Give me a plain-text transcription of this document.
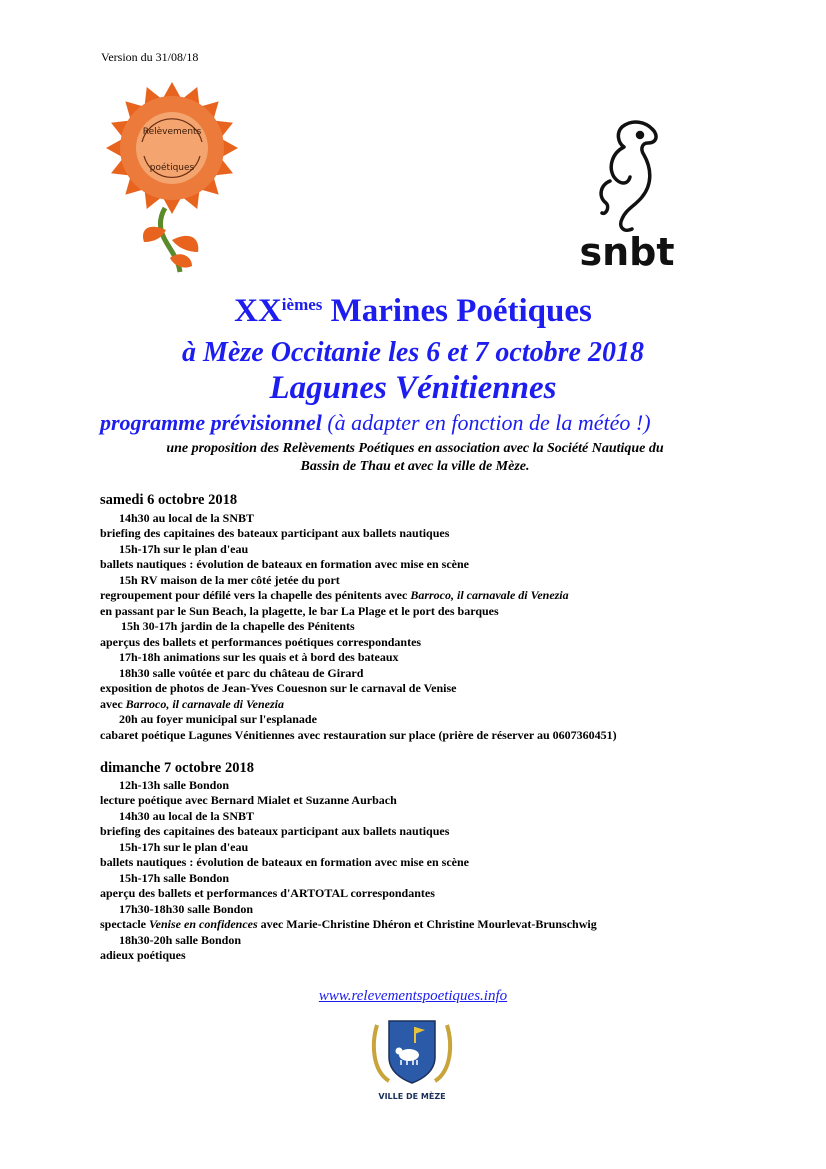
Version du 31/08/18
Relèvements
poétiques
snbt
$XX^{ièmes}$ Marines Poétiques
à Mèze Occitanie les 6 et 7 octobre 2018
Lagunes Vénitiennes
programme prévisionnel (à adapter en fonction de la météo !)
une proposition des Relèvements Poétiques en association avec la Société Nautique du
Bassin de Thau et avec la ville de Mèze.
samedi 6 octobre 2018
14h30 au local de la SNBT
briefing des capitaines des bateaux participant aux ballets nautiques
15h-17h sur le plan d'eau
ballets nautiques : évolution de bateaux en formation avec mise en scène
15h RV maison de la mer côté jetée du port
regroupement pour défilé vers la chapelle des pénitents avec Barroco, il carnavale di Venezia
en passant par le Sun Beach, la plagette, le bar La Plage et le port des barques
15h 30-17h jardin de la chapelle des Pénitents
aperçus des ballets et performances poétiques correspondantes
17h-18h animations sur les quais et à bord des bateaux
18h30 salle voûtée et parc du château de Girard
exposition de photos de Jean-Yves Couesnon sur le carnaval de Venise
avec Barroco, il carnavale di Venezia
20h au foyer municipal sur l'esplanade
cabaret poétique Lagunes Vénitiennes avec restauration sur place (prière de réserver au 0607360451)
dimanche 7 octobre 2018
12h-13h salle Bondon
lecture poétique avec Bernard Mialet et Suzanne Aurbach
14h30 au local de la SNBT
briefing des capitaines des bateaux participant aux ballets nautiques
15h-17h sur le plan d'eau
ballets nautiques : évolution de bateaux en formation avec mise en scène
15h-17h salle Bondon
aperçu des ballets et performances d'ARTOTAL correspondantes
17h30-18h30 salle Bondon
spectacle Venise en confidences avec Marie-Christine Dhéron et Christine Mourlevat-Brunschwig
18h30-20h salle Bondon
adieux poétiques
www.relevementspoetiques.info
VILLE DE MÈZE
